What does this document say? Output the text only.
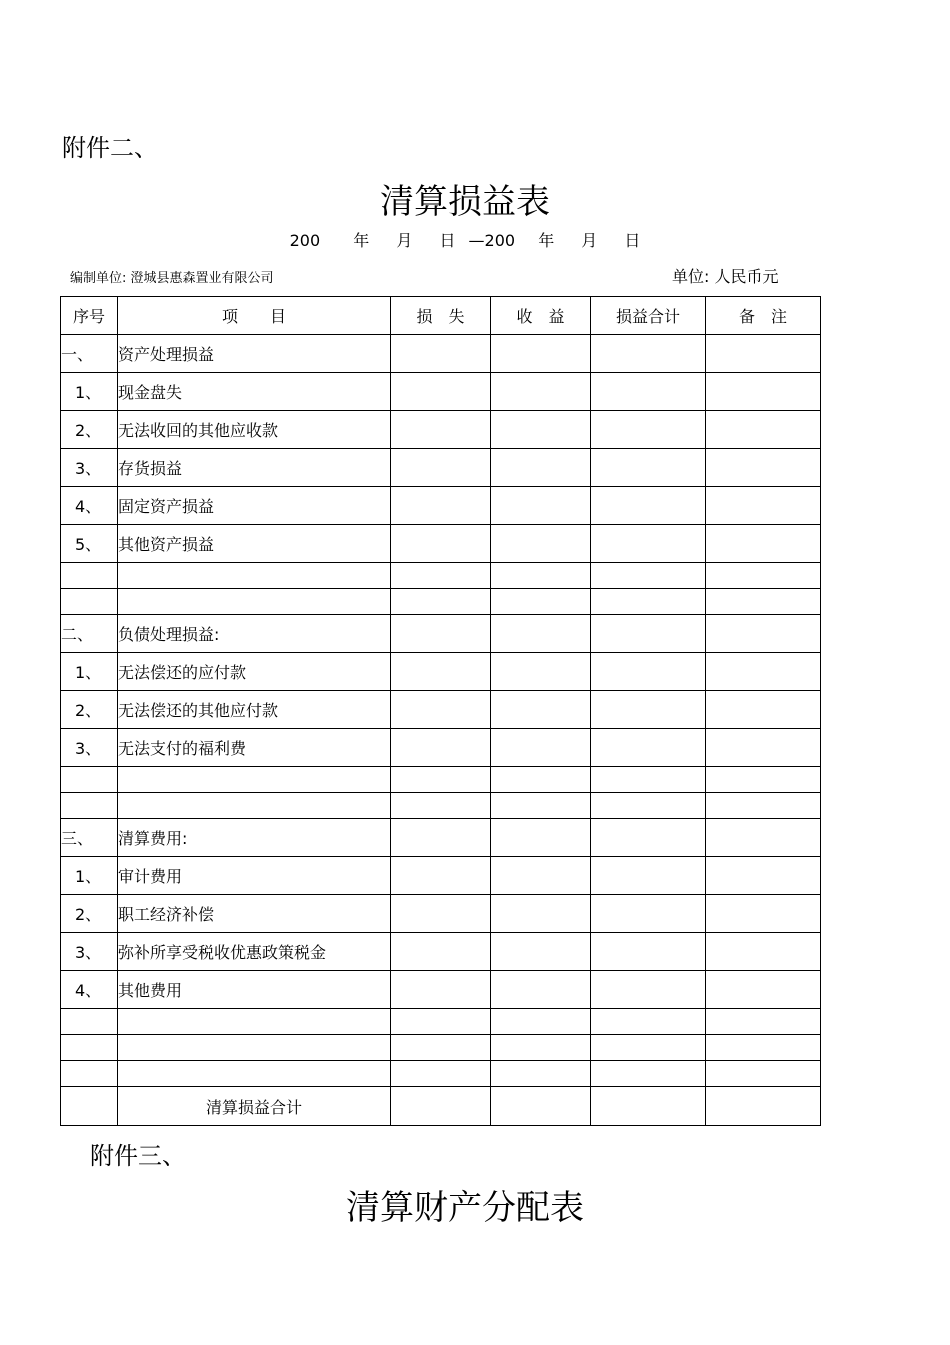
附件二、
清算损益表
200 年 月 日 —200 年 月 日
编制单位: 澄城县惠森置业有限公司	单位: 人民币元
序号	项　　目	损　失	收　益	损益合计	备　注
一、	资产处理损益				
1、	现金盘失				
2、	无法收回的其他应收款				
3、	存货损益				
4、	固定资产损益				
5、	其他资产损益				

二、	负债处理损益:				
1、	无法偿还的应付款				
2、	无法偿还的其他应付款				
3、	无法支付的福利费				

三、	清算费用:				
1、	审计费用				
2、	职工经济补偿				
3、	弥补所享受税收优惠政策税金				
4、	其他费用				

	清算损益合计				
附件三、
清算财产分配表
